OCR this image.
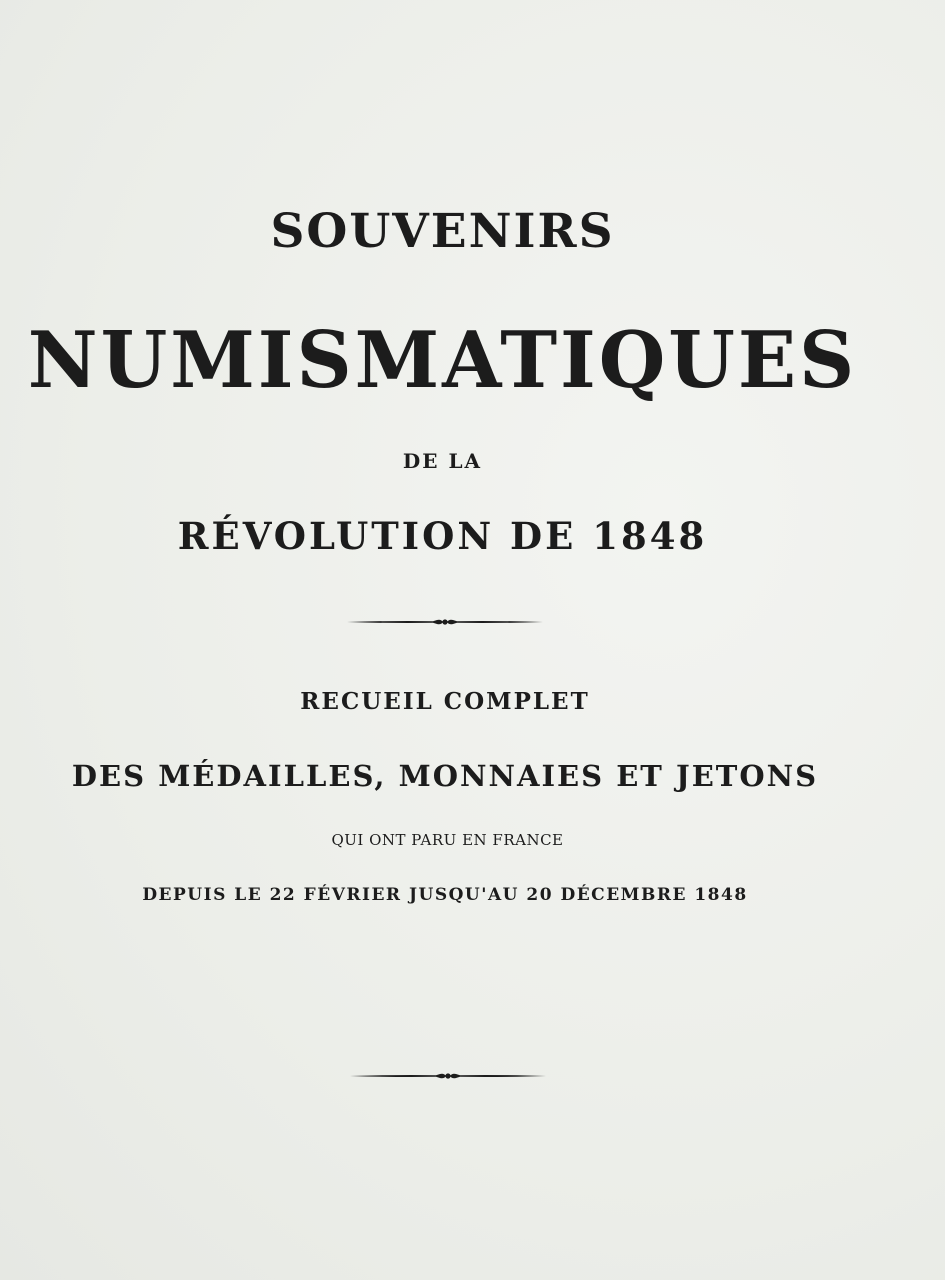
SOUVENIRS
NUMISMATIQUES
DE LA
RÉVOLUTION DE 1848
RECUEIL COMPLET
DES MÉDAILLES, MONNAIES ET JETONS
QUI ONT PARU EN FRANCE
DEPUIS LE 22 FÉVRIER JUSQU'AU 20 DÉCEMBRE 1848
